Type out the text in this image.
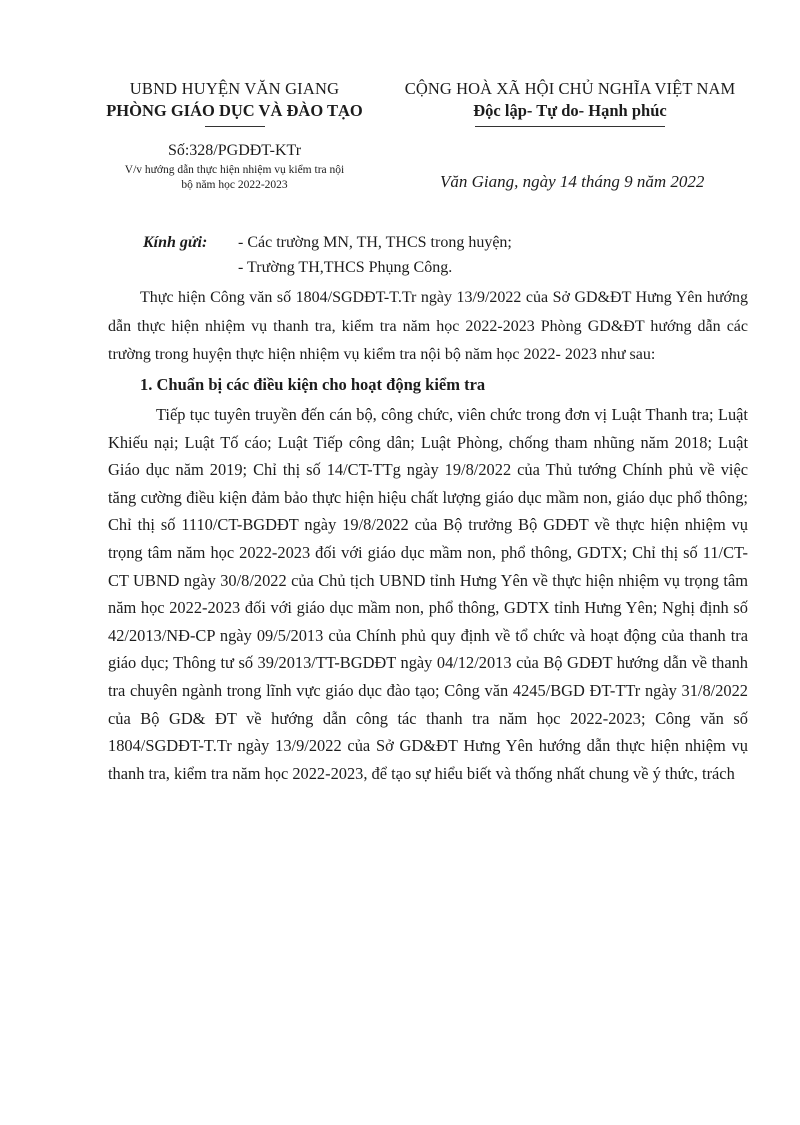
UBND HUYỆN VĂN GIANG
PHÒNG GIÁO DỤC VÀ ĐÀO TẠO
Số:328/PGDĐT-KTr
V/v hướng dẫn thực hiện nhiệm vụ kiểm tra nội
bộ năm học 2022-2023
CỘNG HOÀ XÃ HỘI CHỦ NGHĨA VIỆT NAM
Độc lập- Tự do- Hạnh phúc
Văn Giang, ngày 14 tháng 9 năm 2022
Kính gửi: - Các trường MN, TH, THCS trong huyện;
- Trường TH,THCS Phụng Công.

Thực hiện Công văn số 1804/SGDĐT-T.Tr ngày 13/9/2022 của Sở GD&ĐT Hưng Yên hướng dẫn thực hiện nhiệm vụ thanh tra, kiểm tra năm học 2022-2023 Phòng GD&ĐT hướng dẫn các trường trong huyện thực hiện nhiệm vụ kiểm tra nội bộ năm học 2022- 2023 như sau:

1. Chuẩn bị các điều kiện cho hoạt động kiểm tra

Tiếp tục tuyên truyền đến cán bộ, công chức, viên chức trong đơn vị Luật Thanh tra; Luật Khiếu nại; Luật Tố cáo; Luật Tiếp công dân; Luật Phòng, chống tham nhũng năm 2018; Luật Giáo dục năm 2019; Chỉ thị số 14/CT-TTg ngày 19/8/2022 của Thủ tướng Chính phủ về việc tăng cường điều kiện đảm bảo thực hiện hiệu chất lượng giáo dục mầm non, giáo dục phổ thông; Chỉ thị số 1110/CT-BGDĐT ngày 19/8/2022 của Bộ trưởng Bộ GDĐT về thực hiện nhiệm vụ trọng tâm năm học 2022-2023 đối với giáo dục mầm non, phổ thông, GDTX; Chỉ thị số 11/CT-CT UBND ngày 30/8/2022 của Chủ tịch UBND tỉnh Hưng Yên về thực hiện nhiệm vụ trọng tâm năm học 2022-2023 đối với giáo dục mầm non, phổ thông, GDTX tỉnh Hưng Yên; Nghị định số 42/2013/NĐ-CP ngày 09/5/2013 của Chính phủ quy định về tổ chức và hoạt động của thanh tra giáo dục; Thông tư số 39/2013/TT-BGDĐT ngày 04/12/2013 của Bộ GDĐT hướng dẫn về thanh tra chuyên ngành trong lĩnh vực giáo dục đào tạo; Công văn 4245/BGD ĐT-TTr ngày 31/8/2022 của Bộ GD& ĐT về hướng dẫn công tác thanh tra năm học 2022-2023; Công văn số 1804/SGDĐT-T.Tr ngày 13/9/2022 của Sở GD&ĐT Hưng Yên hướng dẫn thực hiện nhiệm vụ thanh tra, kiểm tra năm học 2022-2023, để tạo sự hiểu biết và thống nhất chung về ý thức, trách
